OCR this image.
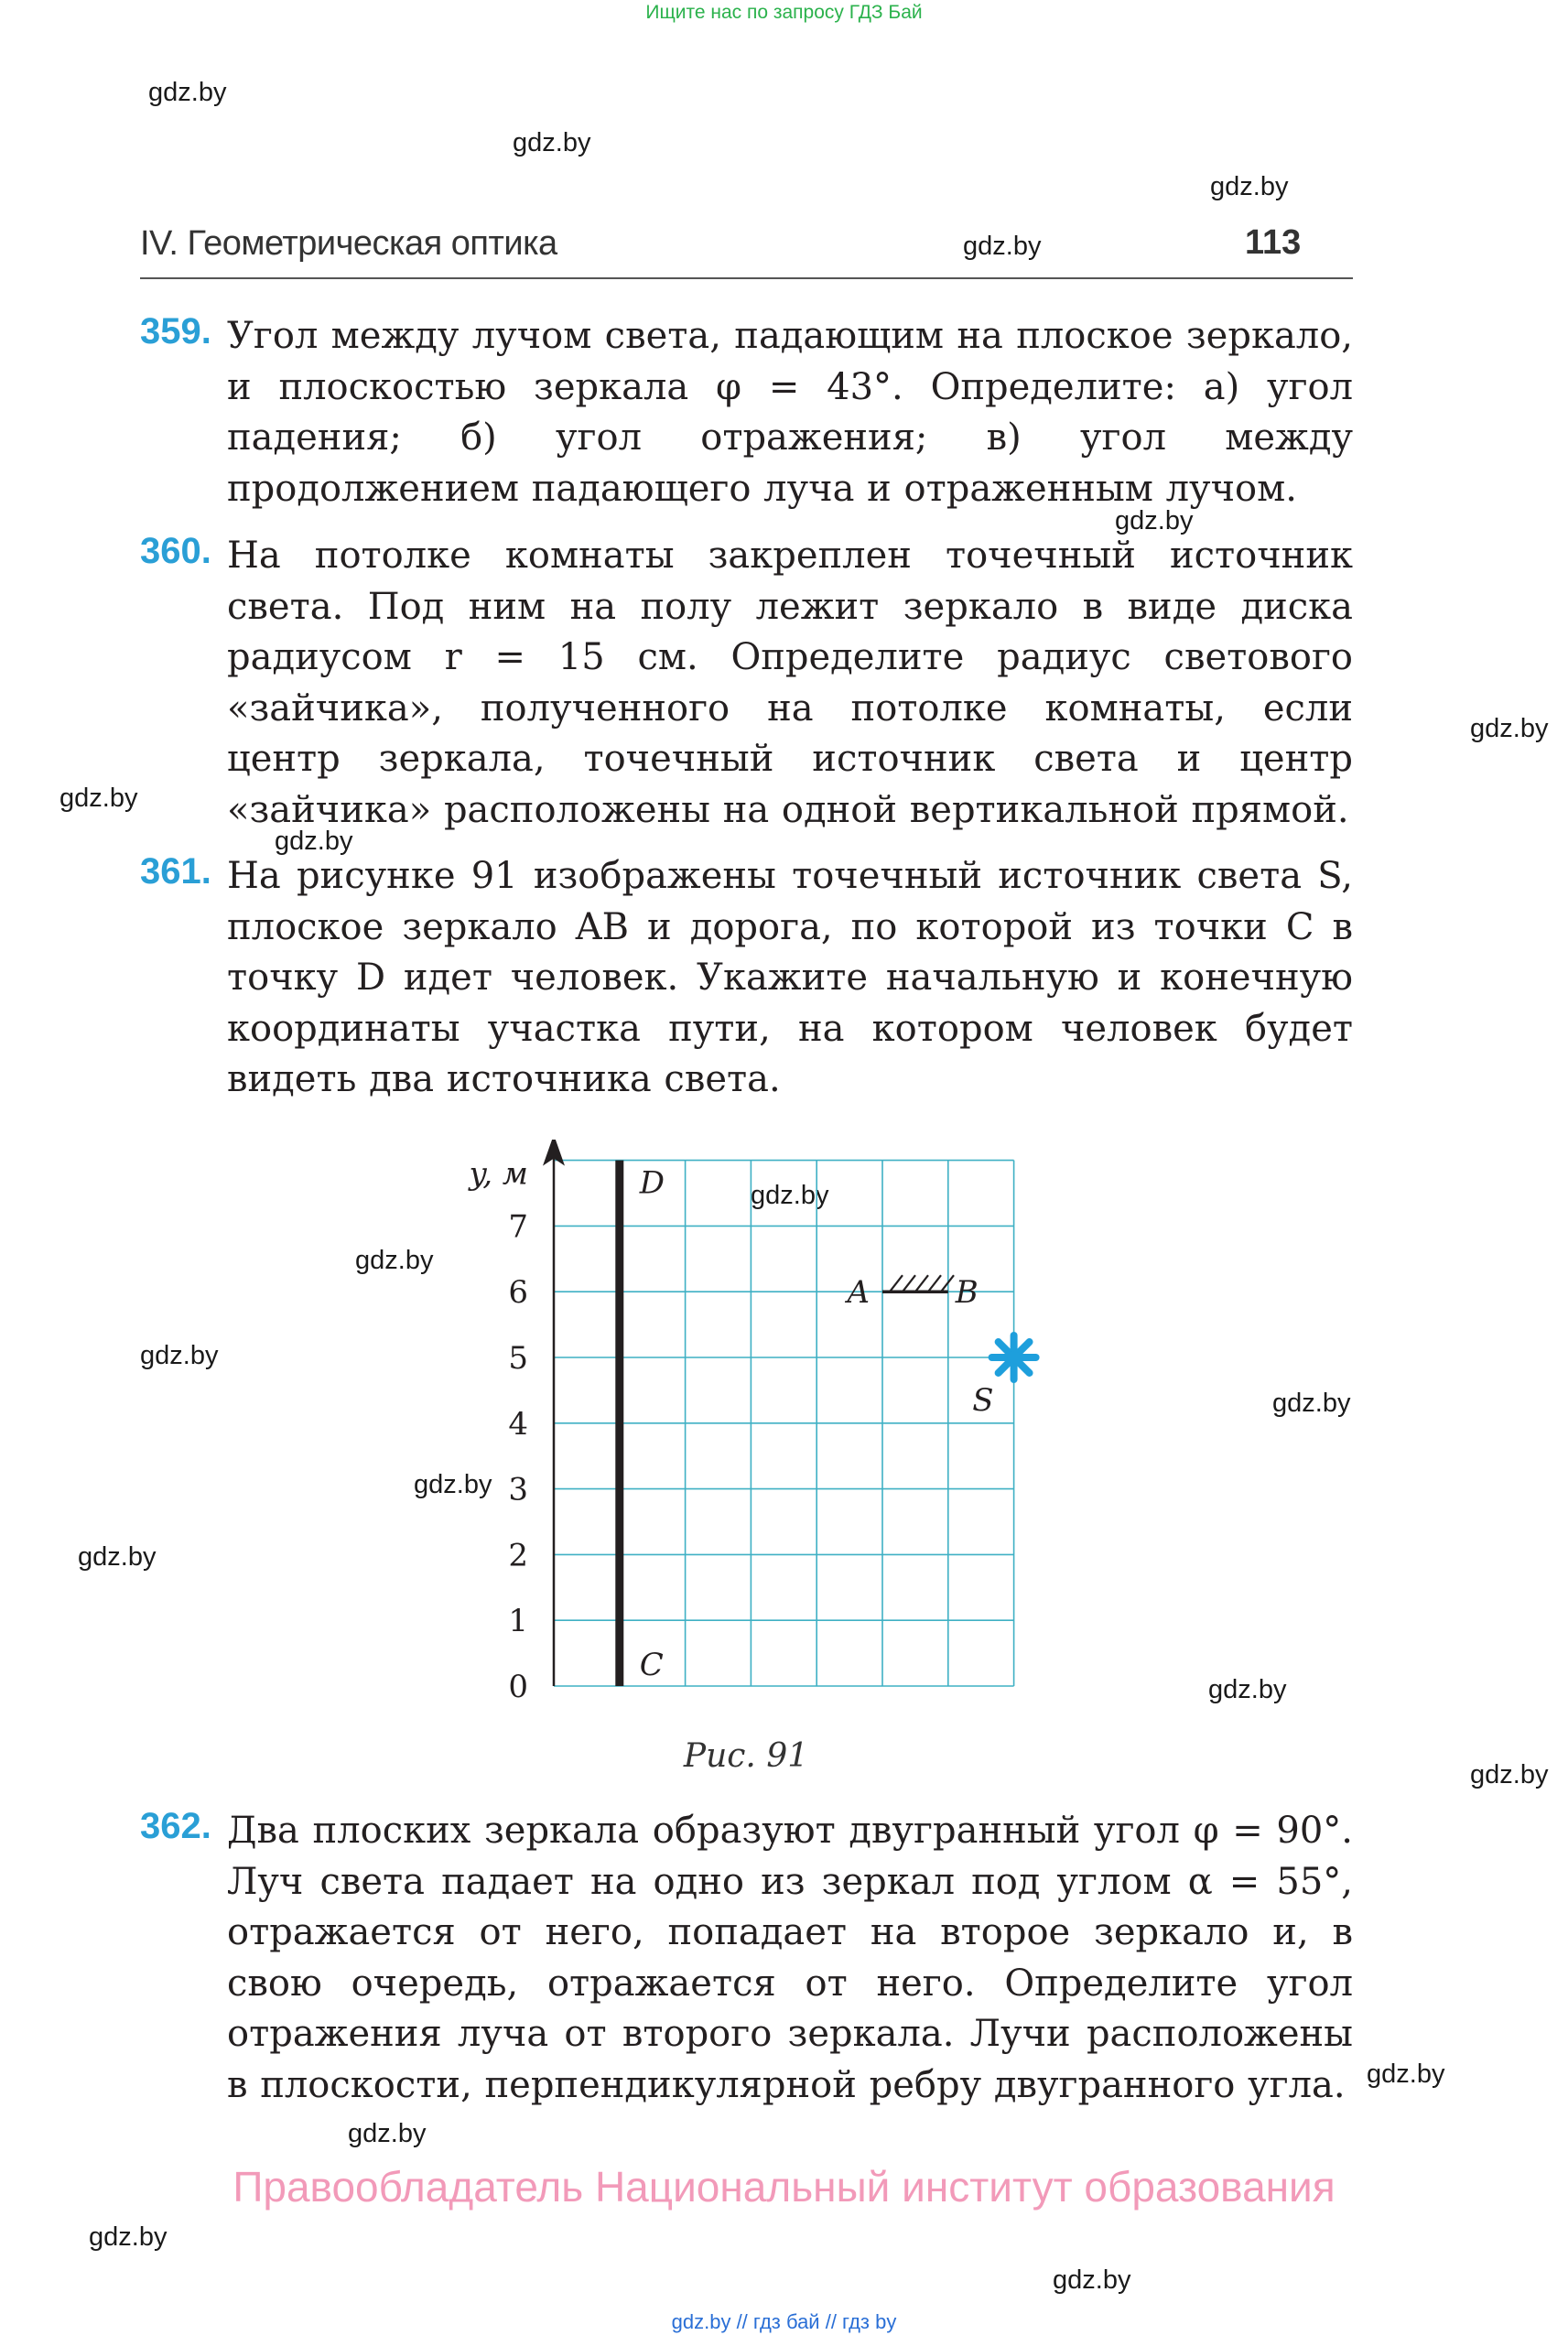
Ищите нас по запросу ГДЗ Бай
gdz.by
gdz.by
gdz.by
gdz.by
gdz.by
gdz.by
gdz.by
gdz.by
gdz.by
gdz.by
gdz.by
gdz.by
gdz.by
gdz.by
gdz.by
gdz.by
gdz.by
gdz.by
gdz.by
gdz.by
IV. Геометрическая оптика	113
359. Угол между лучом света, падающим на плоское зеркало, и плоскостью зеркала φ = 43°. Определите: а) угол падения; б) угол отражения; в) угол между продолжением падающего луча и отраженным лучом.
360. На потолке комнаты закреплен точечный источник света. Под ним на полу лежит зеркало в виде диска радиусом r = 15 см. Определите радиус светового «зайчика», полученного на потолке комнаты, если центр зеркала, точечный источник света и центр «зайчика» расположены на одной вертикальной прямой.
361. На рисунке 91 изображены точечный источник света S, плоское зеркало AB и дорога, по которой из точки C в точку D идет человек. Укажите начальную и конечную координаты участка пути, на котором человек будет видеть два источника света.
y, м
0
1
2
3
4
5
6
7
D
C
A	B
S
Рис. 91
362. Два плоских зеркала образуют двугранный угол φ = 90°. Луч света падает на одно из зеркал под углом α = 55°, отражается от него, попадает на второе зеркало и, в свою очередь, отражается от него. Определите угол отражения луча от второго зеркала. Лучи расположены в плоскости, перпендикулярной ребру двугранного угла.
Правообладатель Национальный институт образования
gdz.by // гдз бай // гдз by
